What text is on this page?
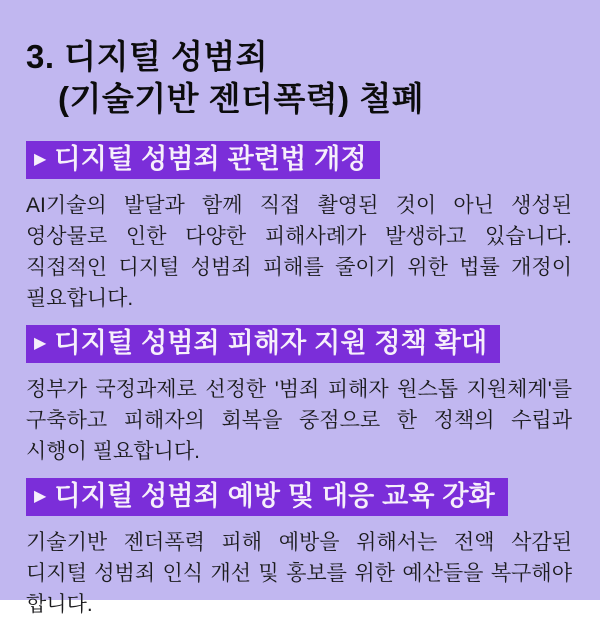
3. 디지털 성범죄
(기술기반 젠더폭력) 철폐
▶ 디지털 성범죄 관련법 개정

AI기술의 발달과 함께 직접 촬영된 것이 아닌 생성된 영상물로 인한 다양한 피해사례가 발생하고 있습니다. 직접적인 디지털 성범죄 피해를 줄이기 위한 법률 개정이 필요합니다.

▶ 디지털 성범죄 피해자 지원 정책 확대

정부가 국정과제로 선정한 '범죄 피해자 원스톱 지원체계'를 구축하고 피해자의 회복을 중점으로 한 정책의 수립과 시행이 필요합니다.

▶ 디지털 성범죄 예방 및 대응 교육 강화

기술기반 젠더폭력 피해 예방을 위해서는 전액 삭감된 디지털 성범죄 인식 개선 및 홍보를 위한 예산들을 복구해야 합니다.
